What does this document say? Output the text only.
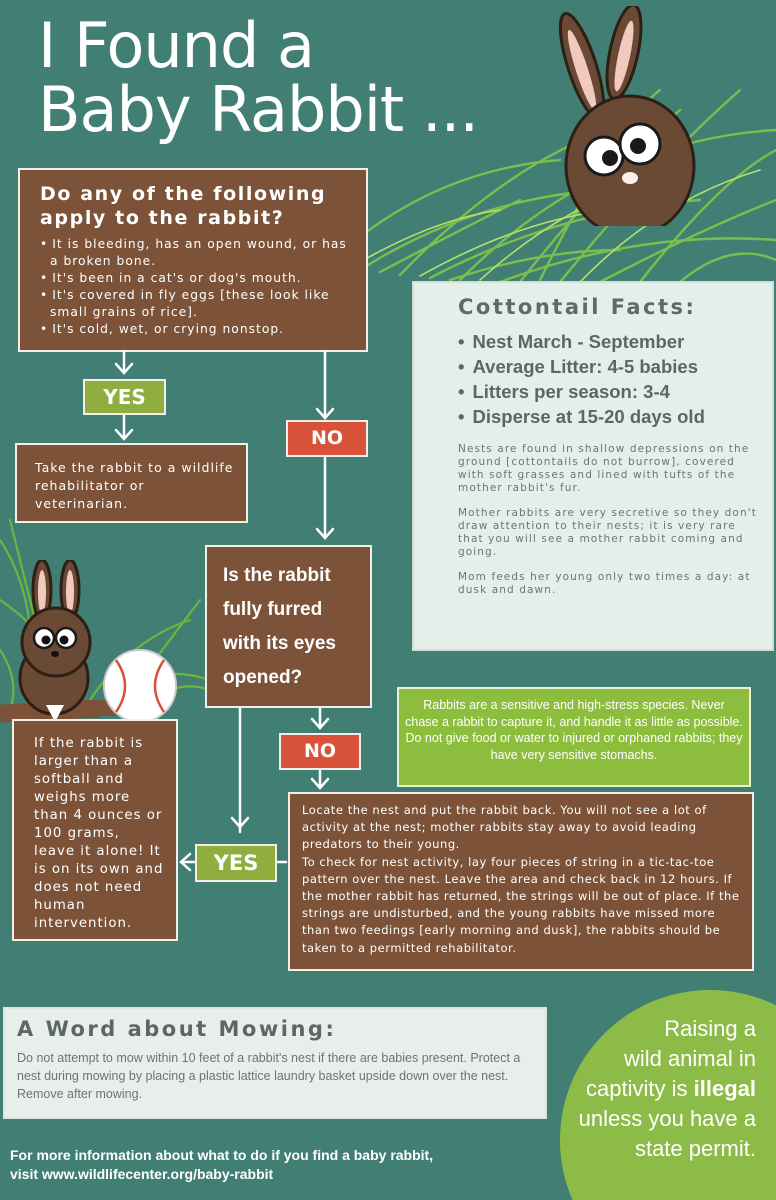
I Found a
Baby Rabbit ...
Do any of the following apply to the rabbit?
• It is bleeding, has an open wound, or has a broken bone.
• It's been in a cat's or dog's mouth.
• It's covered in fly eggs [these look like small grains of rice].
• It's cold, wet, or crying nonstop.
YES
NO
Take the rabbit to a wildlife rehabilitator or veterinarian.
Is the rabbit fully furred with its eyes opened?
If the rabbit is larger than a softball and weighs more than 4 ounces or 100 grams, leave it alone! It is on its own and does not need human intervention.
NO
YES
Cottontail Facts:
• Nest March - September
• Average Litter: 4-5 babies
• Litters per season: 3-4
• Disperse at 15-20 days old

Nests are found in shallow depressions on the ground [cottontails do not burrow], covered with soft grasses and lined with tufts of the mother rabbit's fur.

Mother rabbits are very secretive so they don't draw attention to their nests; it is very rare that you will see a mother rabbit coming and going.

Mom feeds her young only two times a day: at dusk and dawn.

Rabbits are a sensitive and high-stress species. Never chase a rabbit to capture it, and handle it as little as possible.
Do not give food or water to injured or orphaned rabbits; they have very sensitive stomachs.

Locate the nest and put the rabbit back. You will not see a lot of activity at the nest; mother rabbits stay away to avoid leading predators to their young.

To check for nest activity, lay four pieces of string in a tic-tac-toe pattern over the nest. Leave the area and check back in 12 hours. If the mother rabbit has returned, the strings will be out of place. If the strings are undisturbed, and the young rabbits have missed more than two feedings [early morning and dusk], the rabbits should be taken to a permitted rehabilitator.

A Word about Mowing:

Do not attempt to mow within 10 feet of a rabbit's nest if there are babies present. Protect a nest during mowing by placing a plastic lattice laundry basket upside down over the nest. Remove after mowing.

Raising a
wild animal in
captivity is illegal
unless you have a
state permit.
For more information about what to do if you find a baby rabbit,
visit www.wildlifecenter.org/baby-rabbit
